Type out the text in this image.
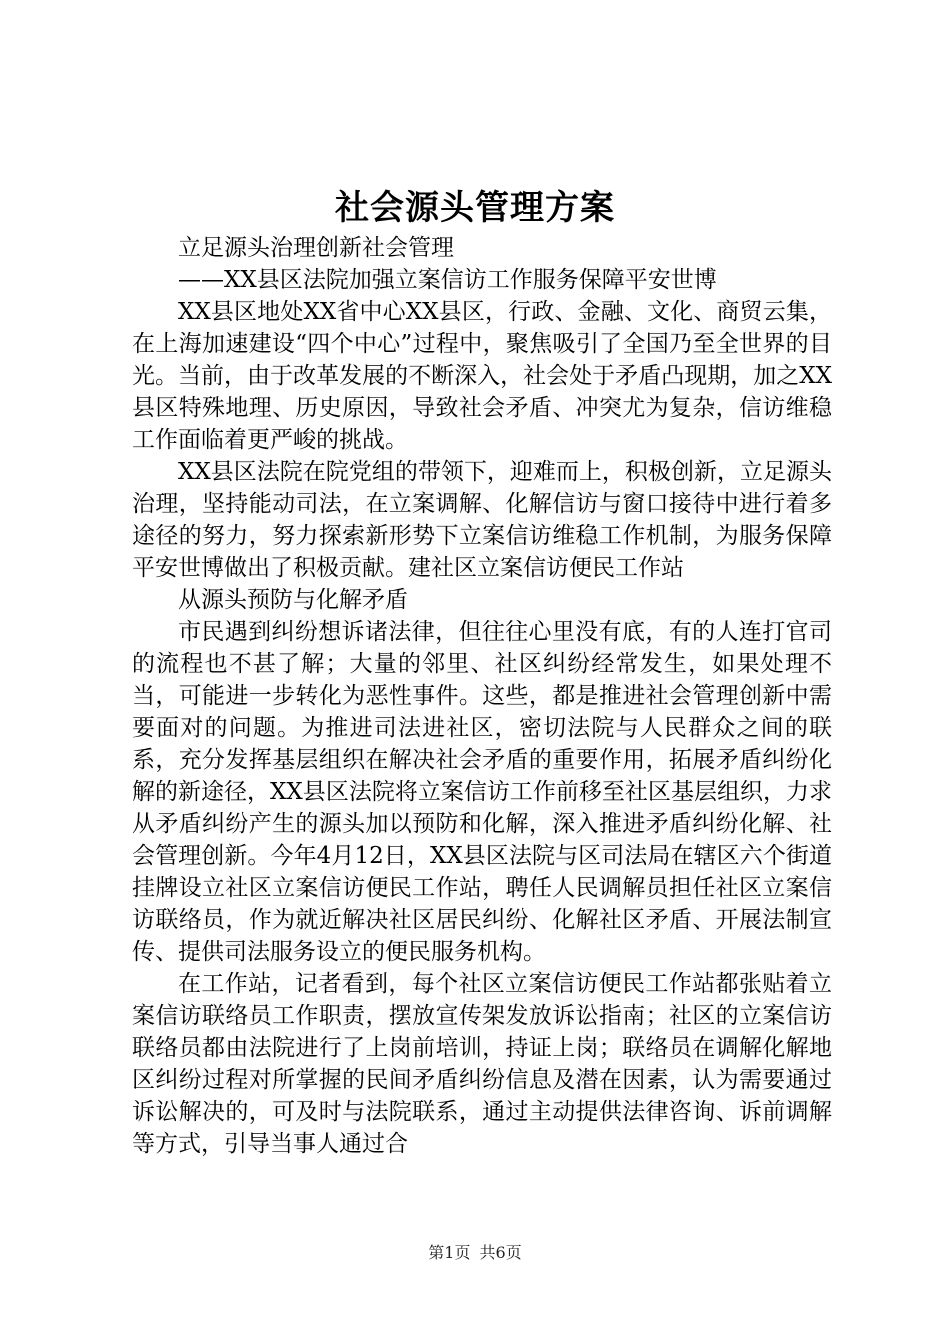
社会源头管理方案

立足源头治理创新社会管理

——XX县区法院加强立案信访工作服务保障平安世博

XX县区地处XX省中心XX县区，行政、金融、文化、商贸云集，在上海加速建设“四个中心”过程中，聚焦吸引了全国乃至全世界的目光。当前，由于改革发展的不断深入，社会处于矛盾凸现期，加之XX县区特殊地理、历史原因，导致社会矛盾、冲突尤为复杂，信访维稳工作面临着更严峻的挑战。

XX县区法院在院党组的带领下，迎难而上，积极创新，立足源头治理，坚持能动司法，在立案调解、化解信访与窗口接待中进行着多途径的努力，努力探索新形势下立案信访维稳工作机制，为服务保障平安世博做出了积极贡献。建社区立案信访便民工作站

从源头预防与化解矛盾

市民遇到纠纷想诉诸法律，但往往心里没有底，有的人连打官司的流程也不甚了解；大量的邻里、社区纠纷经常发生，如果处理不当，可能进一步转化为恶性事件。这些，都是推进社会管理创新中需要面对的问题。为推进司法进社区，密切法院与人民群众之间的联系，充分发挥基层组织在解决社会矛盾的重要作用，拓展矛盾纠纷化解的新途径，XX县区法院将立案信访工作前移至社区基层组织，力求从矛盾纠纷产生的源头加以预防和化解，深入推进矛盾纠纷化解、社会管理创新。今年4月12日，XX县区法院与区司法局在辖区六个街道挂牌设立社区立案信访便民工作站，聘任人民调解员担任社区立案信访联络员，作为就近解决社区居民纠纷、化解社区矛盾、开展法制宣传、提供司法服务设立的便民服务机构。

在工作站，记者看到，每个社区立案信访便民工作站都张贴着立案信访联络员工作职责，摆放宣传架发放诉讼指南；社区的立案信访联络员都由法院进行了上岗前培训，持证上岗；联络员在调解化解地区纠纷过程对所掌握的民间矛盾纠纷信息及潜在因素，认为需要通过诉讼解决的，可及时与法院联系，通过主动提供法律咨询、诉前调解等方式，引导当事人通过合

第1页 共6页
